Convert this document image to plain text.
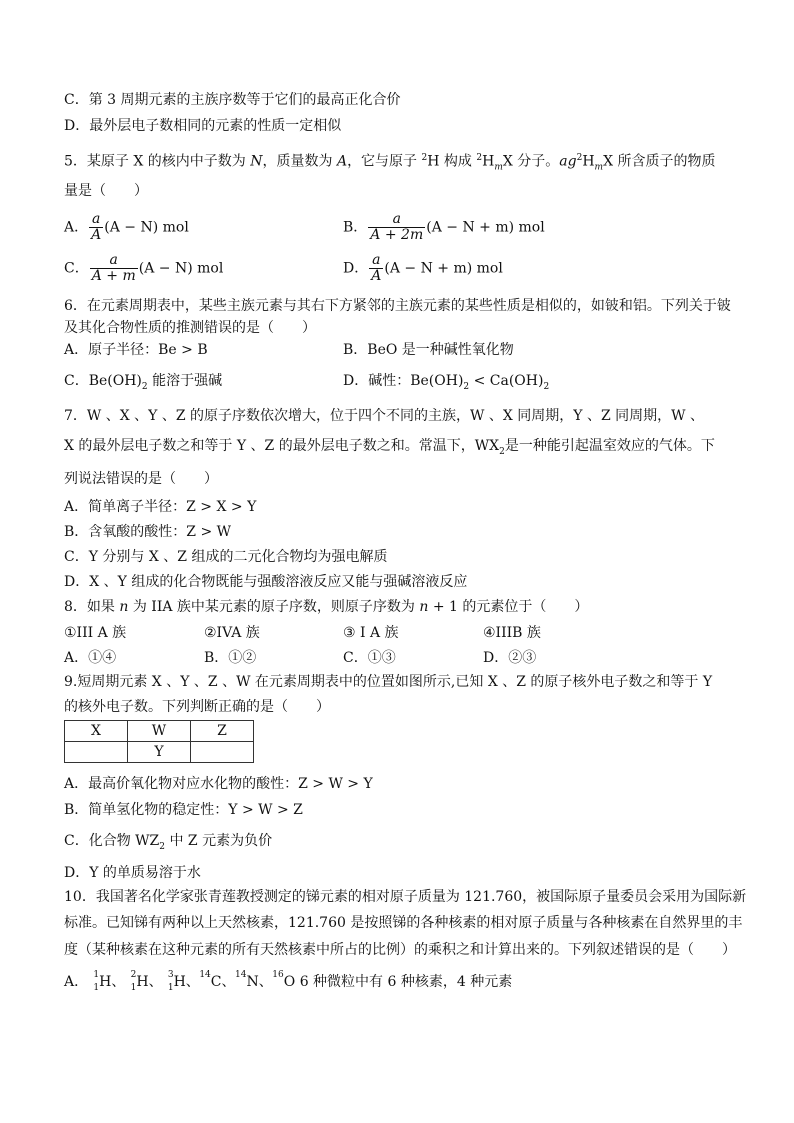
C．第 3 周期元素的主族序数等于它们的最高正化合价
D．最外层电子数相同的元素的性质一定相似
5．某原子 X 的核内中子数为 N，质量数为 A，它与原子 $^2$H 构成 $^2H_mX$ 分子。$ag^2H_mX$ 所含质子的物质
量是（　　）
A． $\frac{a}{A} (A - N)$ mol	B． $\frac{a}{A + 2m} (A - N + m)$ mol
C． $\frac{a}{A + m} (A - N)$ mol	D． $\frac{a}{A} (A - N + m)$ mol
6．在元素周期表中，某些主族元素与其右下方紧邻的主族元素的某些性质是相似的，如铍和铝。下列关于铍
及其化合物性质的推测错误的是（　　）
A．原子半径：Be > B	B．BeO 是一种碱性氧化物
C．$Be(OH)_2$ 能溶于强碱	D．碱性：$Be(OH)_2 < Ca(OH)_2$
7．W 、X 、Y 、Z 的原子序数依次增大，位于四个不同的主族，W 、X 同周期，Y 、Z 同周期，W 、
X 的最外层电子数之和等于 Y 、Z 的最外层电子数之和。常温下，$WX_2$是一种能引起温室效应的气体。下
列说法错误的是（　　）
A．简单离子半径：Z > X > Y
B．含氧酸的酸性：Z > W
C．Y 分别与 X 、Z 组成的二元化合物均为强电解质
D．X 、Y 组成的化合物既能与强酸溶液反应又能与强碱溶液反应
8．如果 n 为 IIA 族中某元素的原子序数，则原子序数为 n + 1 的元素位于（　　）
①III A 族	②IVA 族	③ I A 族	④IIIB 族
A．①④	B．①②	C．①③	D．②③
9.短周期元素 X 、Y 、Z 、W 在元素周期表中的位置如图所示,已知 X 、Z 的原子核外电子数之和等于 Y
的核外电子数。下列判断正确的是（　　）
X	W	Z
	Y	
A．最高价氧化物对应水化物的酸性：Z > W > Y
B．简单氢化物的稳定性：Y > W > Z
C．化合物 $WZ_2$ 中 Z 元素为负价
D．Y 的单质易溶于水
10．我国著名化学家张青莲教授测定的锑元素的相对原子质量为 121.760，被国际原子量委员会采用为国际新
标准。已知锑有两种以上天然核素，121.760 是按照锑的各种核素的相对原子质量与各种核素在自然界里的丰
度（某种核素在这种元素的所有天然核素中所占的比例）的乘积之和计算出来的。下列叙述错误的是（　　）
A． 1
1 H、 2
1 H、 3
1 H、 14 C、 14 N、 16 O 6 种微粒中有 6 种核素，4 种元素
